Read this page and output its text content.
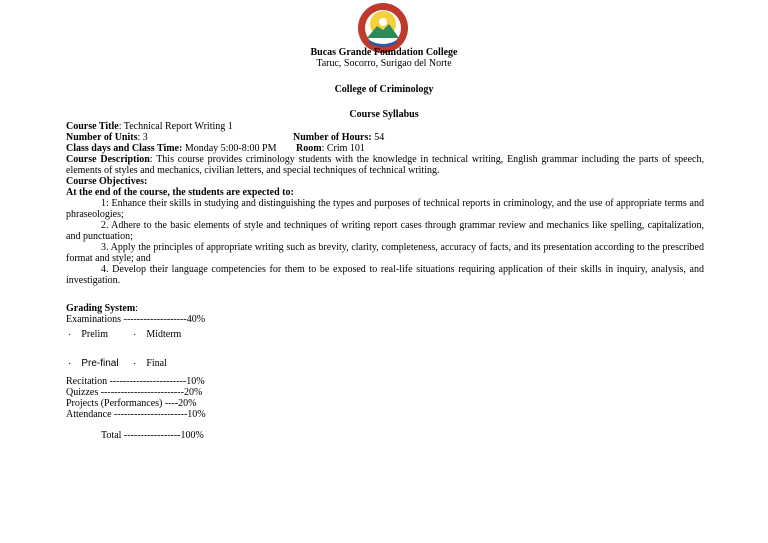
Bucas Grande Foundation College
Taruc, Socorro, Surigao del Norte
College of Criminology
Course Syllabus
Course Title: Technical Report Writing 1
Number of Units: 3	Number of Hours: 54
Class days and Class Time: Monday 5:00-8:00 PM Room: Crim 101
Course Description: This course provides criminology students with the knowledge in technical writing, English grammar including the parts of speech, elements of styles and mechanics, civilian letters, and special techniques of technical writing.
Course Objectives:
At the end of the course, the students are expected to:
1: Enhance their skills in studying and distinguishing the types and purposes of technical reports in criminology, and the use of appropriate terms and phraseologies;
2. Adhere to the basic elements of style and techniques of writing report cases through grammar review and mechanics like spelling, capitalization, and punctuation;
3. Apply the principles of appropriate writing such as brevity, clarity, completeness, accuracy of facts, and its presentation according to the prescribed format and style; and
4. Develop their language competencies for them to be exposed to real-life situations requiring application of their skills in inquiry, analysis, and investigation.
Grading System:
Examinations -------------------40%
· Prelim · Midterm
· Pre-final · Final
Recitation -----------------------10%
Quizzes -------------------------20%
Projects (Performances) ----20%
Attendance ----------------------10%
Total -----------------100%
